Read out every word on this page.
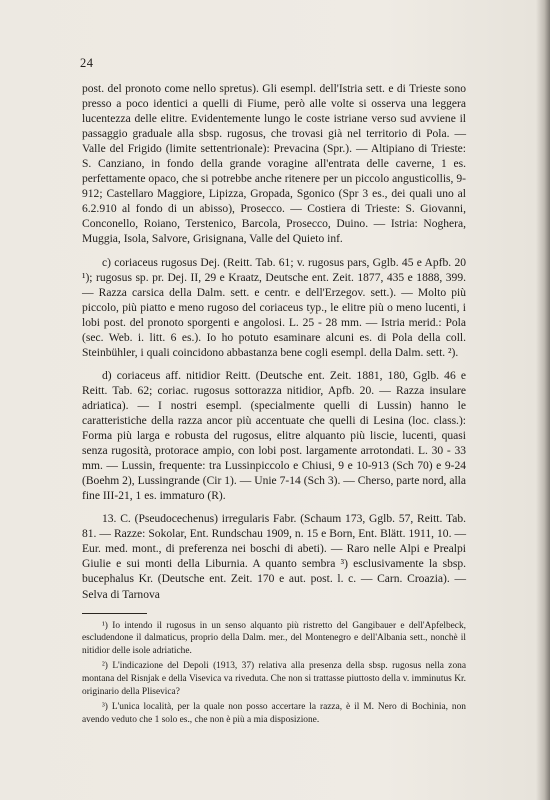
24

post. del pronoto come nello spretus). Gli esempl. dell'Istria sett. e di Trieste sono presso a poco identici a quelli di Fiume, però alle volte si osserva una leggera lucentezza delle elitre. Evidentemente lungo le coste istriane verso sud avviene il passaggio graduale alla sbsp. rugosus, che trovasi già nel territorio di Pola. — Valle del Frigido (limite settentrionale): Prevacina (Spr.). — Altipiano di Trieste: S. Canziano, in fondo della grande voragine all'entrata delle caverne, 1 es. perfettamente opaco, che si potrebbe anche ritenere per un piccolo angusticollis, 9-912; Castellaro Maggiore, Lipizza, Gropada, Sgonico (Spr 3 es., dei quali uno al 6.2.910 al fondo di un abisso), Prosecco. — Costiera di Trieste: S. Giovanni, Conconello, Roiano, Terstenico, Barcola, Prosecco, Duino. — Istria: Noghera, Muggia, Isola, Salvore, Grisignana, Valle del Quieto inf.

c) coriaceus rugosus Dej. (Reitt. Tab. 61; v. rugosus pars, Gglb. 45 e Apfb. 20 ¹); rugosus sp. pr. Dej. II, 29 e Kraatz, Deutsche ent. Zeit. 1877, 435 e 1888, 399. — Razza carsica della Dalm. sett. e centr. e dell'Erzegov. sett.). — Molto più piccolo, più piatto e meno rugoso del coriaceus typ., le elitre più o meno lucenti, i lobi post. del pronoto sporgenti e angolosi. L. 25 - 28 mm. — Istria merid.: Pola (sec. Web. i. litt. 6 es.). Io ho potuto esaminare alcuni es. di Pola della coll. Steinbühler, i quali coincidono abbastanza bene cogli esempl. della Dalm. sett. ²).

d) coriaceus aff. nitidior Reitt. (Deutsche ent. Zeit. 1881, 180, Gglb. 46 e Reitt. Tab. 62; coriac. rugosus sottorazza nitidior, Apfb. 20. — Razza insulare adriatica). — I nostri esempl. (specialmente quelli di Lussin) hanno le caratteristiche della razza ancor più accentuate che quelli di Lesina (loc. class.): Forma più larga e robusta del rugosus, elitre alquanto più liscie, lucenti, quasi senza rugosità, protorace ampio, con lobi post. largamente arrotondati. L. 30 - 33 mm. — Lussin, frequente: tra Lussinpiccolo e Chiusi, 9 e 10-913 (Sch 70) e 9-24 (Boehm 2), Lussingrande (Cir 1). — Unie 7-14 (Sch 3). — Cherso, parte nord, alla fine III-21, 1 es. immaturo (R).

13. C. (Pseudocechenus) irregularis Fabr. (Schaum 173, Gglb. 57, Reitt. Tab. 81. — Razze: Sokolar, Ent. Rundschau 1909, n. 15 e Born, Ent. Blätt. 1911, 10. — Eur. med. mont., di preferenza nei boschi di abeti). — Raro nelle Alpi e Prealpi Giulie e sui monti della Liburnia. A quanto sembra ³) esclusivamente la sbsp. bucephalus Kr. (Deutsche ent. Zeit. 170 e aut. post. l. c. — Carn. Croazia). — Selva di Tarnova

¹) Io intendo il rugosus in un senso alquanto più ristretto del Gangibauer e dell'Apfelbeck, escludendone il dalmaticus, proprio della Dalm. mer., del Montenegro e dell'Albania sett., nonchè il nitidior delle isole adriatiche.

²) L'indicazione del Depoli (1913, 37) relativa alla presenza della sbsp. rugosus nella zona montana del Risnjak e della Visevica va riveduta. Che non si trattasse piuttosto della v. imminutus Kr. originario della Plisevica?

³) L'unica località, per la quale non posso accertare la razza, è il M. Nero di Bochinia, non avendo veduto che 1 solo es., che non è più a mia disposizione.
